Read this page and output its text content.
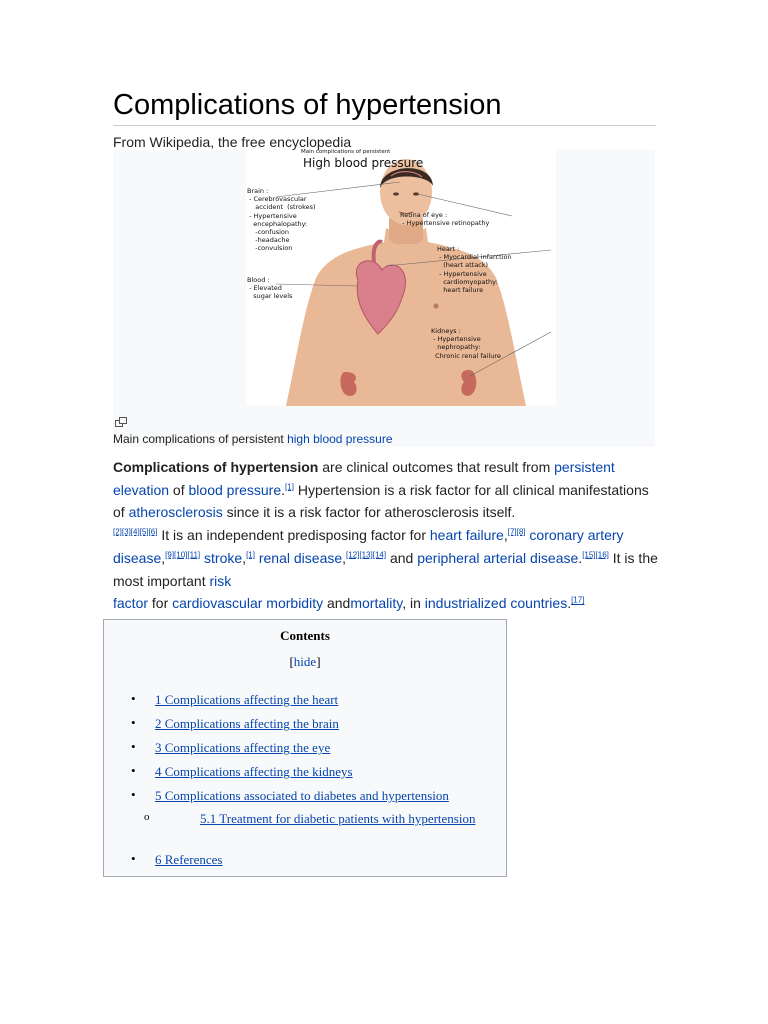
Complications of hypertension
From Wikipedia, the free encyclopedia
Main complications of persistent
High blood pressure
Brain :
- Cerebrovascular
accident  (strokes)
- Hypertensive
encephalopathy:
-confusion
-headache
-convulsion
Blood :
- Elevated
sugar levels
Retina of eye :
- Hypertensive retinopathy
Heart :
- Myocardial infarction
(heart attack)
- Hypertensive
cardiomyopathy:
heart failure
Kidneys :
- Hypertensive
nephropathy:
Chronic renal failure
Main complications of persistent high blood pressure

Complications of hypertension are clinical outcomes that result from persistent elevation of blood pressure.[1] Hypertension is a risk factor for all clinical manifestations of atherosclerosis since it is a risk factor for atherosclerosis itself.
[2][3][4][5][6] It is an independent predisposing factor for heart failure,[7][8] coronary artery disease,[9][10][11] stroke,[1] renal disease,[12][13][14] and peripheral arterial disease.[15][16] It is the most important risk
factor for cardiovascular morbidity andmortality, in industrialized countries.[17]

Contents
[hide]
• 1 Complications affecting the heart
• 2 Complications affecting the brain
• 3 Complications affecting the eye
• 4 Complications affecting the kidneys
• 5 Complications associated to diabetes and hypertension
o	5.1 Treatment for diabetic patients with hypertension
• 6 References
